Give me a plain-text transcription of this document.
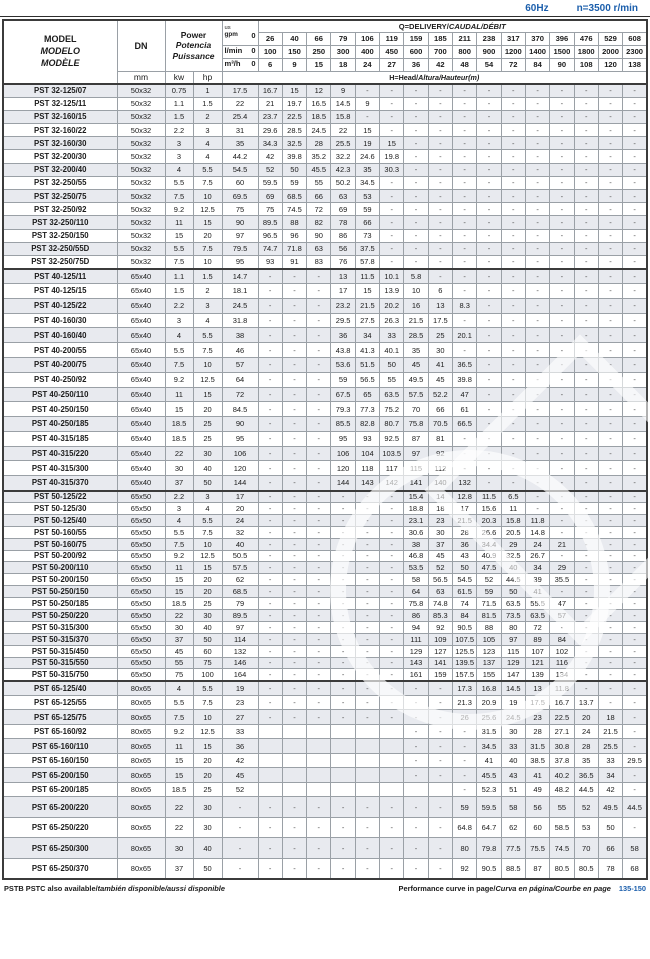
60Hz	n=3500 r/min
MODEL
MODELO
MODÈLE
	DN	
Power
Potencia
Puissance

us
gpm 0
	Q=DELIVERY/CAUDAL/DÉBIT
					26	40	66	79	106	119	159	185	211	238	317	370	396	476	529	608

				l/min 0	100	150	250	300	400	450	600	700	800	900	1200	1400	1500	1800	2000	2300

				m³/h 0	6	9	15	18	24	27	36	42	48	54	72	84	90	108	120	138
	mm	kw	hp	H=Head/Altura/Hauteur(m)																
PST 32-125/07	50x32	0.75	1	17.5	16.7	15	12	9	-	-	-	-	-	-	-	-	-	-	-	-
PST 32-125/11	50x32	1.1	1.5	22	21	19.7	16.5	14.5	9	-	-	-	-	-	-	-	-	-	-	-
PST 32-160/15	50x32	1.5	2	25.4	23.7	22.5	18.5	15.8	-	-	-	-	-	-	-	-	-	-	-	-
PST 32-160/22	50x32	2.2	3	31	29.6	28.5	24.5	22	15	-	-	-	-	-	-	-	-	-	-	-
PST 32-160/30	50x32	3	4	35	34.3	32.5	28	25.5	19	15	-	-	-	-	-	-	-	-	-	-
PST 32-200/30	50x32	3	4	44.2	42	39.8	35.2	32.2	24.6	19.8	-	-	-	-	-	-	-	-	-	-
PST 32-200/40	50x32	4	5.5	54.5	52	50	45.5	42.3	35	30.3	-	-	-	-	-	-	-	-	-	-
PST 32-250/55	50x32	5.5	7.5	60	59.5	59	55	50.2	34.5	-	-	-	-	-	-	-	-	-	-	-
PST 32-250/75	50x32	7.5	10	69.5	69	68.5	66	63	53	-	-	-	-	-	-	-	-	-	-	-
PST 32-250/92	50x32	9.2	12.5	75	75	74.5	72	69	59	-	-	-	-	-	-	-	-	-	-	-
PST 32-250/110	50x32	11	15	90	89.5	88	82	78	66	-	-	-	-	-	-	-	-	-	-	-
PST 32-250/150	50x32	15	20	97	96.5	96	90	86	73	-	-	-	-	-	-	-	-	-	-	-
PST 32-250/55D	50x32	5.5	7.5	79.5	74.7	71.8	63	56	37.5	-	-	-	-	-	-	-	-	-	-	-
PST 32-250/75D	50x32	7.5	10	95	93	91	83	76	57.8	-	-	-	-	-	-	-	-	-	-	-
PST 40-125/11	65x40	1.1	1.5	14.7	-	-	-	13	11.5	10.1	5.8	-	-	-	-	-	-	-	-	-
PST 40-125/15	65x40	1.5	2	18.1	-	-	-	17	15	13.9	10	6	-	-	-	-	-	-	-	-
PST 40-125/22	65x40	2.2	3	24.5	-	-	-	23.2	21.5	20.2	16	13	8.3	-	-	-	-	-	-	-
PST 40-160/30	65x40	3	4	31.8	-	-	-	29.5	27.5	26.3	21.5	17.5	-	-	-	-	-	-	-	-
PST 40-160/40	65x40	4	5.5	38	-	-	-	36	34	33	28.5	25	20.1	-	-	-	-	-	-	-
PST 40-200/55	65x40	5.5	7.5	46	-	-	-	43.8	41.3	40.1	35	30	-	-	-	-	-	-	-	-
PST 40-200/75	65x40	7.5	10	57	-	-	-	53.6	51.5	50	45	41	36.5	-	-	-	-	-	-	-
PST 40-250/92	65x40	9.2	12.5	64	-	-	-	59	56.5	55	49.5	45	39.8	-	-	-	-	-	-	-
PST 40-250/110	65x40	11	15	72	-	-	-	67.5	65	63.5	57.5	52.2	47	-	-	-	-	-	-	-
PST 40-250/150	65x40	15	20	84.5	-	-	-	79.3	77.3	75.2	70	66	61	-	-	-	-	-	-	-
PST 40-250/185	65x40	18.5	25	90	-	-	-	85.5	82.8	80.7	75.8	70.5	66.5	-	-	-	-	-	-	-
PST 40-315/185	65x40	18.5	25	95	-	-	-	95	93	92.5	87	81	-	-	-	-	-	-	-	-
PST 40-315/220	65x40	22	30	106	-	-	-	106	104	103.5	97	92	-	-	-	-	-	-	-	-
PST 40-315/300	65x40	30	40	120	-	-	-	120	118	117	115	112	-	-	-	-	-	-	-	-
PST 40-315/370	65x40	37	50	144	-	-	-	144	143	142	141	140	132	-	-	-	-	-	-	-
PST 50-125/22	65x50	2.2	3	17	-	-	-	-	-	-	15.4	14	12.8	11.5	6.5	-	-	-	-	-
PST 50-125/30	65x50	3	4	20	-	-	-	-	-	-	18.8	18	17	15.6	11	-	-	-	-	-
PST 50-125/40	65x50	4	5.5	24	-	-	-	-	-	-	23.1	23	21.5	20.3	15.8	11.8	-	-	-	-
PST 50-160/55	65x50	5.5	7.5	32	-	-	-	-	-	-	30.6	30	28	26.6	20.5	14.8	-	-	-	-
PST 50-160/75	65x50	7.5	10	40	-	-	-	-	-	-	38	37	36	34.4	29	24	21	-	-	-
PST 50-200/92	65x50	9.2	12.5	50.5	-	-	-	-	-	-	46.8	45	43	40.9	32.5	26.7	-	-	-	-
PST 50-200/110	65x50	11	15	57.5	-	-	-	-	-	-	53.5	52	50	47.5	40	34	29	-	-	-
PST 50-200/150	65x50	15	20	62	-	-	-	-	-	-	58	56.5	54.5	52	44.5	39	35.5	-	-	-
PST 50-250/150	65x50	15	20	68.5	-	-	-	-	-	-	64	63	61.5	59	50	41	-	-	-	-
PST 50-250/185	65x50	18.5	25	79	-	-	-	-	-	-	75.8	74.8	74	71.5	63.5	55.5	47	-	-	-
PST 50-250/220	65x50	22	30	89.5	-	-	-	-	-	-	86	85.3	84	81.5	73.5	63.5	57	-	-	-
PST 50-315/300	65x50	30	40	97	-	-	-	-	-	-	94	92	90.5	88	80	72	-	-	-	-
PST 50-315/370	65x50	37	50	114	-	-	-	-	-	-	111	109	107.5	105	97	89	84	-	-	-
PST 50-315/450	65x50	45	60	132	-	-	-	-	-	-	129	127	125.5	123	115	107	102	-	-	-
PST 50-315/550	65x50	55	75	146	-	-	-	-	-	-	143	141	139.5	137	129	121	116	-	-	-
PST 50-315/750	65x50	75	100	164	-	-	-	-	-	-	161	159	157.5	155	147	139	134	-	-	-
PST 65-125/40	80x65	4	5.5	19	-	-	-	-	-	-	-	-	17.3	16.8	14.5	13	11.8	-	-	-
PST 65-125/55	80x65	5.5	7.5	23	-	-	-	-	-	-	-	-	21.3	20.9	19	17.5	16.7	13.7	-	-
PST 65-125/75	80x65	7.5	10	27	-	-	-	-	-	-	-	-	26	25.6	24.5	23	22.5	20	18	-
PST 65-160/92	80x65	9.2	12.5	33							-	-	-	31.5	30	28	27.1	24	21.5	-
PST 65-160/110	80x65	11	15	36							-	-	-	34.5	33	31.5	30.8	28	25.5	-
PST 65-160/150	80x65	15	20	42							-	-	-	41	40	38.5	37.8	35	33	29.5
PST 65-200/150	80x65	15	20	45							-	-	-	45.5	43	41	40.2	36.5	34	-
PST 65-200/185	80x65	18.5	25	52									-	52.3	51	49	48.2	44.5	42	-
PST 65-200/220	80x65	22	30	-	-	-	-	-	-	-	-	-	59	59.5	58	56	55	52	49.5	44.5
PST 65-250/220	80x65	22	30	-	-	-	-	-	-	-	-	-	64.8	64.7	62	60	58.5	53	50	-
PST 65-250/300	80x65	30	40	-	-	-	-	-	-	-	-	-	80	79.8	77.5	75.5	74.5	70	66	58
PST 65-250/370	80x65	37	50	-	-	-	-	-	-	-	-	-	92	90.5	88.5	87	80.5	80.5	78	68
PSTB PSTC also available/también disponible/aussi disponible	Performance curve in page/Curva en página/Courbe en page 135-150
